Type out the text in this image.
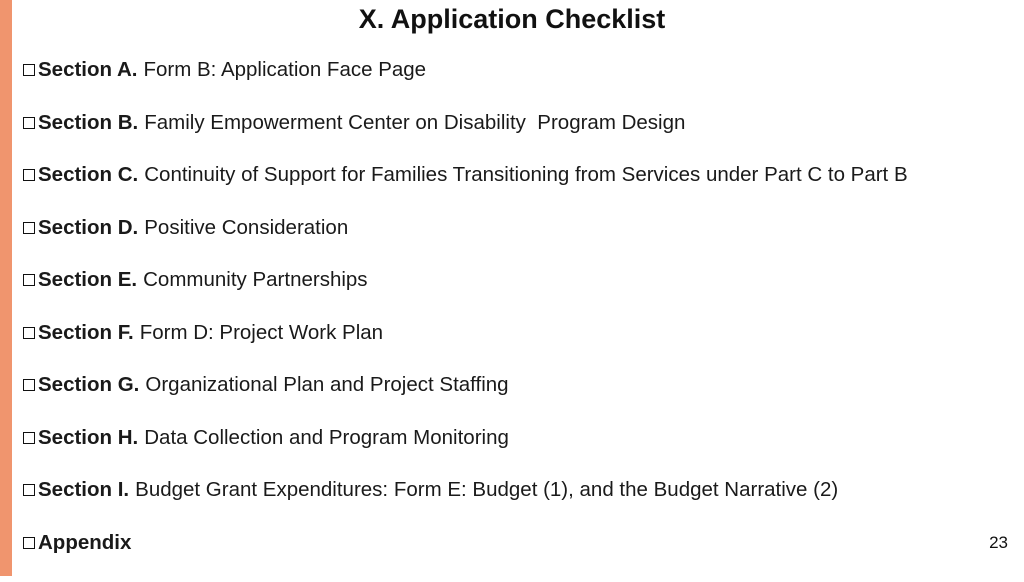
X. Application Checklist
Section A. Form B: Application Face Page
Section B. Family Empowerment Center on Disability  Program Design
Section C. Continuity of Support for Families Transitioning from Services under Part C to Part B
Section D. Positive Consideration
Section E. Community Partnerships
Section F. Form D: Project Work Plan
Section G. Organizational Plan and Project Staffing
Section H. Data Collection and Program Monitoring
Section I. Budget Grant Expenditures: Form E: Budget (1), and the Budget Narrative (2)
Appendix	23
